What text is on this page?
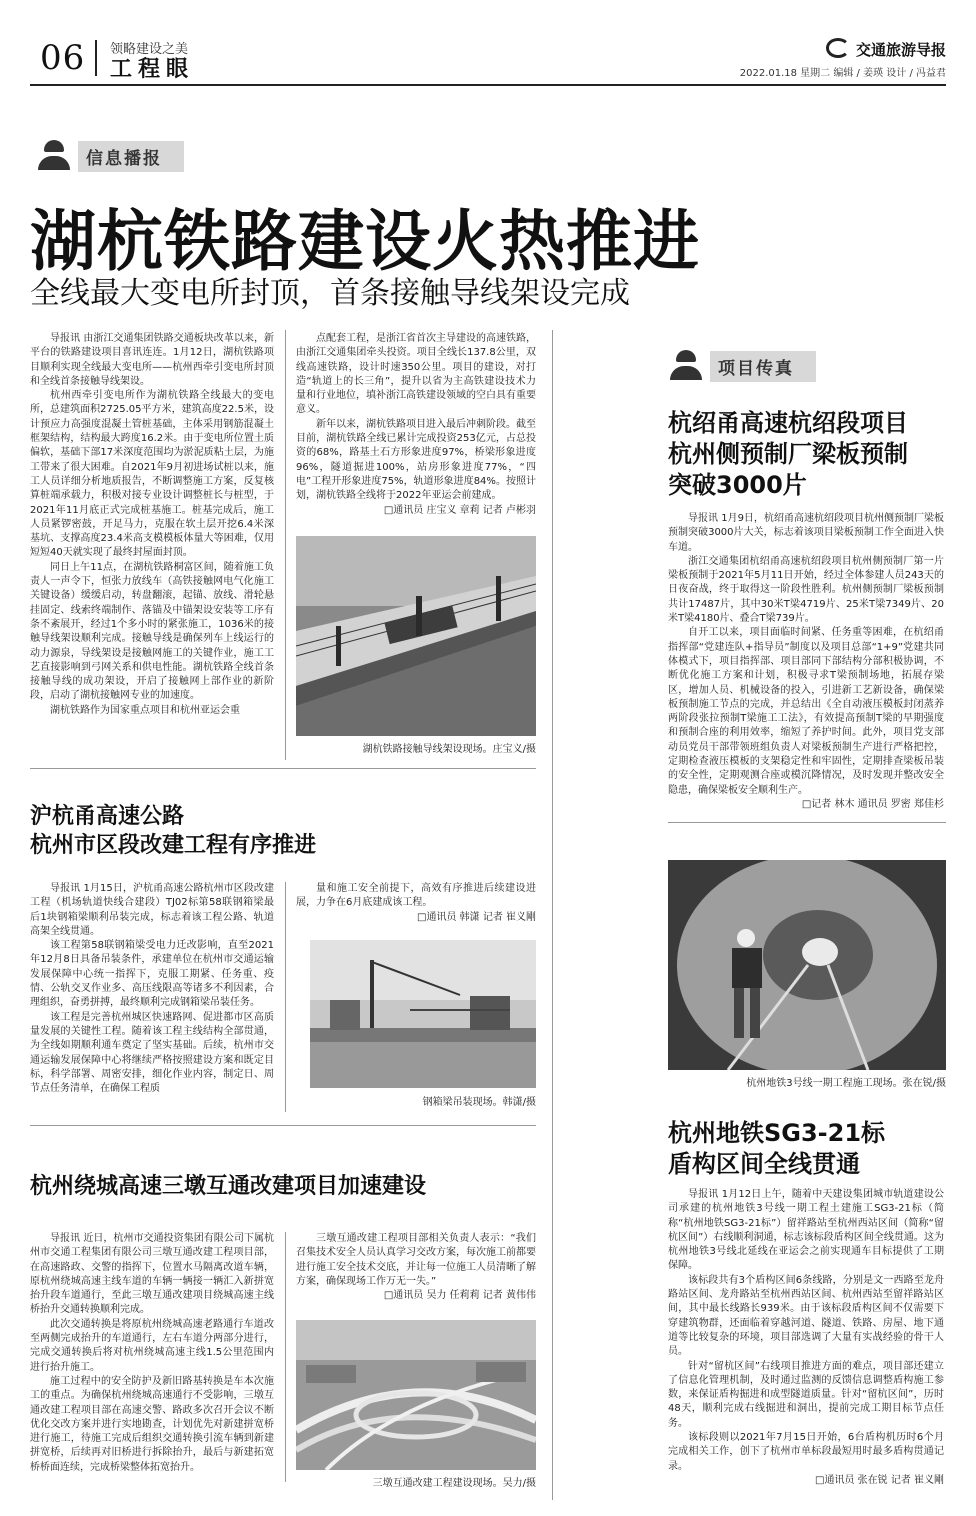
06 领略建设之美
工程眼
交通旅游导报
2022.01.18 星期二 编辑 / 姜瑛 设计 / 冯益君
信息播报
湖杭铁路建设火热推进
全线最大变电所封顶，首条接触导线架设完成

导报讯 由浙江交通集团铁路交通板块改革以来，新平台的铁路建设项目喜讯连连。1月12日，湖杭铁路项目顺利实现全线最大变电所——杭州西牵引变电所封顶和全线首条接触导线架设。

杭州西牵引变电所作为湖杭铁路全线最大的变电所，总建筑面积2725.05平方米，建筑高度22.5米，设计预应力高强度混凝土管桩基础，主体采用钢筋混凝土框架结构，结构最大跨度16.2米。由于变电所位置土质偏软，基础下部17米深度范围均为淤泥质粘土层，为施工带来了很大困难。自2021年9月初进场试桩以来，施工人员详细分析地质报告，不断调整施工方案，反复核算桩端承载力，积极对接专业设计调整桩长与桩型，于2021年11月底正式完成桩基施工。桩基完成后，施工人员紧锣密鼓，开足马力，克服在软土层开挖6.4米深基坑、支撑高度23.4米高支模模板体量大等困难，仅用短短40天就实现了最终封屋面封顶。

同日上午11点，在湖杭铁路桐富区间，随着施工负责人一声令下，恒张力放线车（高铁接触网电气化施工关键设备）缓缓启动，转盘翻滚，起锚、放线、滑轮悬挂固定、线索终端制作、落锚及中锚架设安装等工序有条不紊展开，经过1个多小时的紧张施工，1036米的接触导线架设顺利完成。接触导线是确保列车上线运行的动力源泉，导线架设是接触网施工的关键作业，施工工艺直接影响到弓网关系和供电性能。湖杭铁路全线首条接触导线的成功架设，开启了接触网上部作业的新阶段，启动了湖杭接触网专业的加速度。

湖杭铁路作为国家重点项目和杭州亚运会重

点配套工程，是浙江省首次主导建设的高速铁路，由浙江交通集团牵头投资。项目全线长137.8公里，双线高速铁路，设计时速350公里。项目的建设，对打造“轨道上的长三角”，提升以省为主高铁建设技术力量和行业地位，填补浙江高铁建设领域的空白具有重要意义。

新年以来，湖杭铁路项目进入最后冲刺阶段。截至目前，湖杭铁路全线已累计完成投资253亿元，占总投资的68%，路基土石方形象进度97%，桥梁形象进度96%，隧道掘进100%，站房形象进度77%，“四电”工程开形象进度75%，轨道形象进度84%。按照计划，湖杭铁路全线将于2022年亚运会前建成。

□通讯员 庄宝义 章莉 记者 卢彬羽
湖杭铁路接触导线架设现场。庄宝义/摄
沪杭甬高速公路
杭州市区段改建工程有序推进

导报讯 1月15日，沪杭甬高速公路杭州市区段改建工程（机场轨道快线合建段）TJ02标第58联钢箱梁最后1块钢箱梁顺利吊装完成，标志着该工程公路、轨道高架全线贯通。

该工程第58联钢箱梁受电力迁改影响，直至2021年12月8日具备吊装条件，承建单位在杭州市交通运输发展保障中心统一指挥下，克服工期紧、任务重、疫情、公轨交叉作业多、高压线限高等诸多不利因素，合理组织，奋勇拼搏，最终顺利完成钢箱梁吊装任务。

该工程是完善杭州城区快速路网、促进都市区高质量发展的关键性工程。随着该工程主线结构全部贯通，为全线如期顺利通车奠定了坚实基础。后续，杭州市交通运输发展保障中心将继续严格按照建设方案和既定目标，科学部署、周密安排，细化作业内容，制定日、周节点任务清单，在确保工程质

量和施工安全前提下，高效有序推进后续建设进展，力争在6月底建成该工程。

□通讯员 韩潇 记者 崔义剛
钢箱梁吊装现场。韩潇/摄
杭州绕城高速三墩互通改建项目加速建设

导报讯 近日，杭州市交通投资集团有限公司下属杭州市交通工程集团有限公司三墩互通改建工程项目部，在高速路政、交警的指挥下，位置水马隔离改道车辆，原杭州绕城高速主线车道的车辆一辆接一辆汇入新拼宽抬升段车道通行，至此三墩互通改建项目绕城高速主线桥抬升交通转换顺利完成。

此次交通转换是将原杭州绕城高速老路通行车道改至两侧完成抬升的车道通行，左右车道分两部分进行，完成交通转换后将对杭州绕城高速主线1.5公里范围内进行抬升施工。

施工过程中的安全防护及新旧路基转换是车本次施工的重点。为确保杭州绕城高速通行不受影响，三墩互通改建工程项目部在高速交警、路政多次召开会议不断优化交改方案并进行实地勘查，计划优先对新建拼宽桥进行施工，待施工完成后组织交通转换引流车辆到新建拼宽桥，后续再对旧桥进行拆除抬升，最后与新建拓宽桥桥面连续，完成桥梁整体拓宽抬升。

三墩互通改建工程项目部相关负责人表示：“我们召集技术安全人员认真学习交改方案，每次施工前都要进行施工安全技术交底，并让每一位施工人员清晰了解方案，确保现场工作万无一失。”

□通讯员 吴力 任莉莉 记者 黄伟伟
三墩互通改建工程建设现场。吴力/摄
项目传真
杭绍甬高速杭绍段项目
杭州侧预制厂梁板预制
突破3000片

导报讯 1月9日，杭绍甬高速杭绍段项目杭州侧预制厂梁板预制突破3000片大关，标志着该项目梁板预制工作全面进入快车道。

浙江交通集团杭绍甬高速杭绍段项目杭州侧预制厂第一片梁板预制于2021年5月11日开始，经过全体参建人员243天的日夜奋战，终于取得这一阶段性胜利。杭州侧预制厂梁板预制共计17487片，其中30米T梁4719片、25米T梁7349片、20米T梁4180片、叠合T梁739片。

自开工以来，项目面临时间紧、任务重等困难，在杭绍甬指挥部“党建连队+指导员”制度以及项目总部“1+9”党建共同体模式下，项目指挥部、项目部同下部结构分部积极协调，不断优化施工方案和计划，积极寻求T梁预制场地，拓展存梁区，增加人员、机械设备的投入，引进新工艺新设备，确保梁板预制施工节点的完成，并总结出《全自动液压模板封闭蒸养两阶段张拉预制T梁施工工法》，有效提高预制T梁的早期强度和预制合座的利用效率，缩短了养护时间。此外，项目党支部动员党员干部带领班组负责人对梁板预制生产进行严格把控，定期检查液压模板的支架稳定性和牢固性，定期排查梁板吊装的安全性，定期观测合座或模沉降情况，及时发现并整改安全隐患，确保梁板安全顺利生产。

□记者 林木 通讯员 罗密 郑佳杉
杭州地铁3号线一期工程施工现场。张在锐/摄
杭州地铁SG3-21标
盾构区间全线贯通

导报讯 1月12日上午，随着中天建设集团城市轨道建设公司承建的杭州地铁3号线一期工程土建施工SG3-21标（简称“杭州地铁SG3-21标”）留祥路站至杭州西站区间（简称“留杭区间”）右线顺利洞通，标志该标段盾构区间全线贯通。这为杭州地铁3号线北延线在亚运会之前实现通车目标提供了工期保障。

该标段共有3个盾构区间6条线路，分别是文一西路至龙舟路站区间、龙舟路站至杭州西站区间、杭州西站至留祥路站区间，其中最长线路长939米。由于该标段盾构区间不仅需要下穿建筑物群，还面临着穿越河道、隧道、铁路、房屋、地下通道等比较复杂的环境，项目部选调了大量有实战经验的骨干人员。

针对“留杭区间”右线项目推进方面的难点，项目部还建立了信息化管理机制，及时通过监测的反馈信息调整盾构施工参数，来保证盾构掘进和成型隧道质量。针对“留杭区间”，历时48天，顺利完成右线掘进和洞出，提前完成工期目标节点任务。

该标段则以2021年7月15日开始，6台盾构机历时6个月完成相关工作，创下了杭州市单标段最短用时最多盾构贯通记录。

□通讯员 张在锐 记者 崔义剛
